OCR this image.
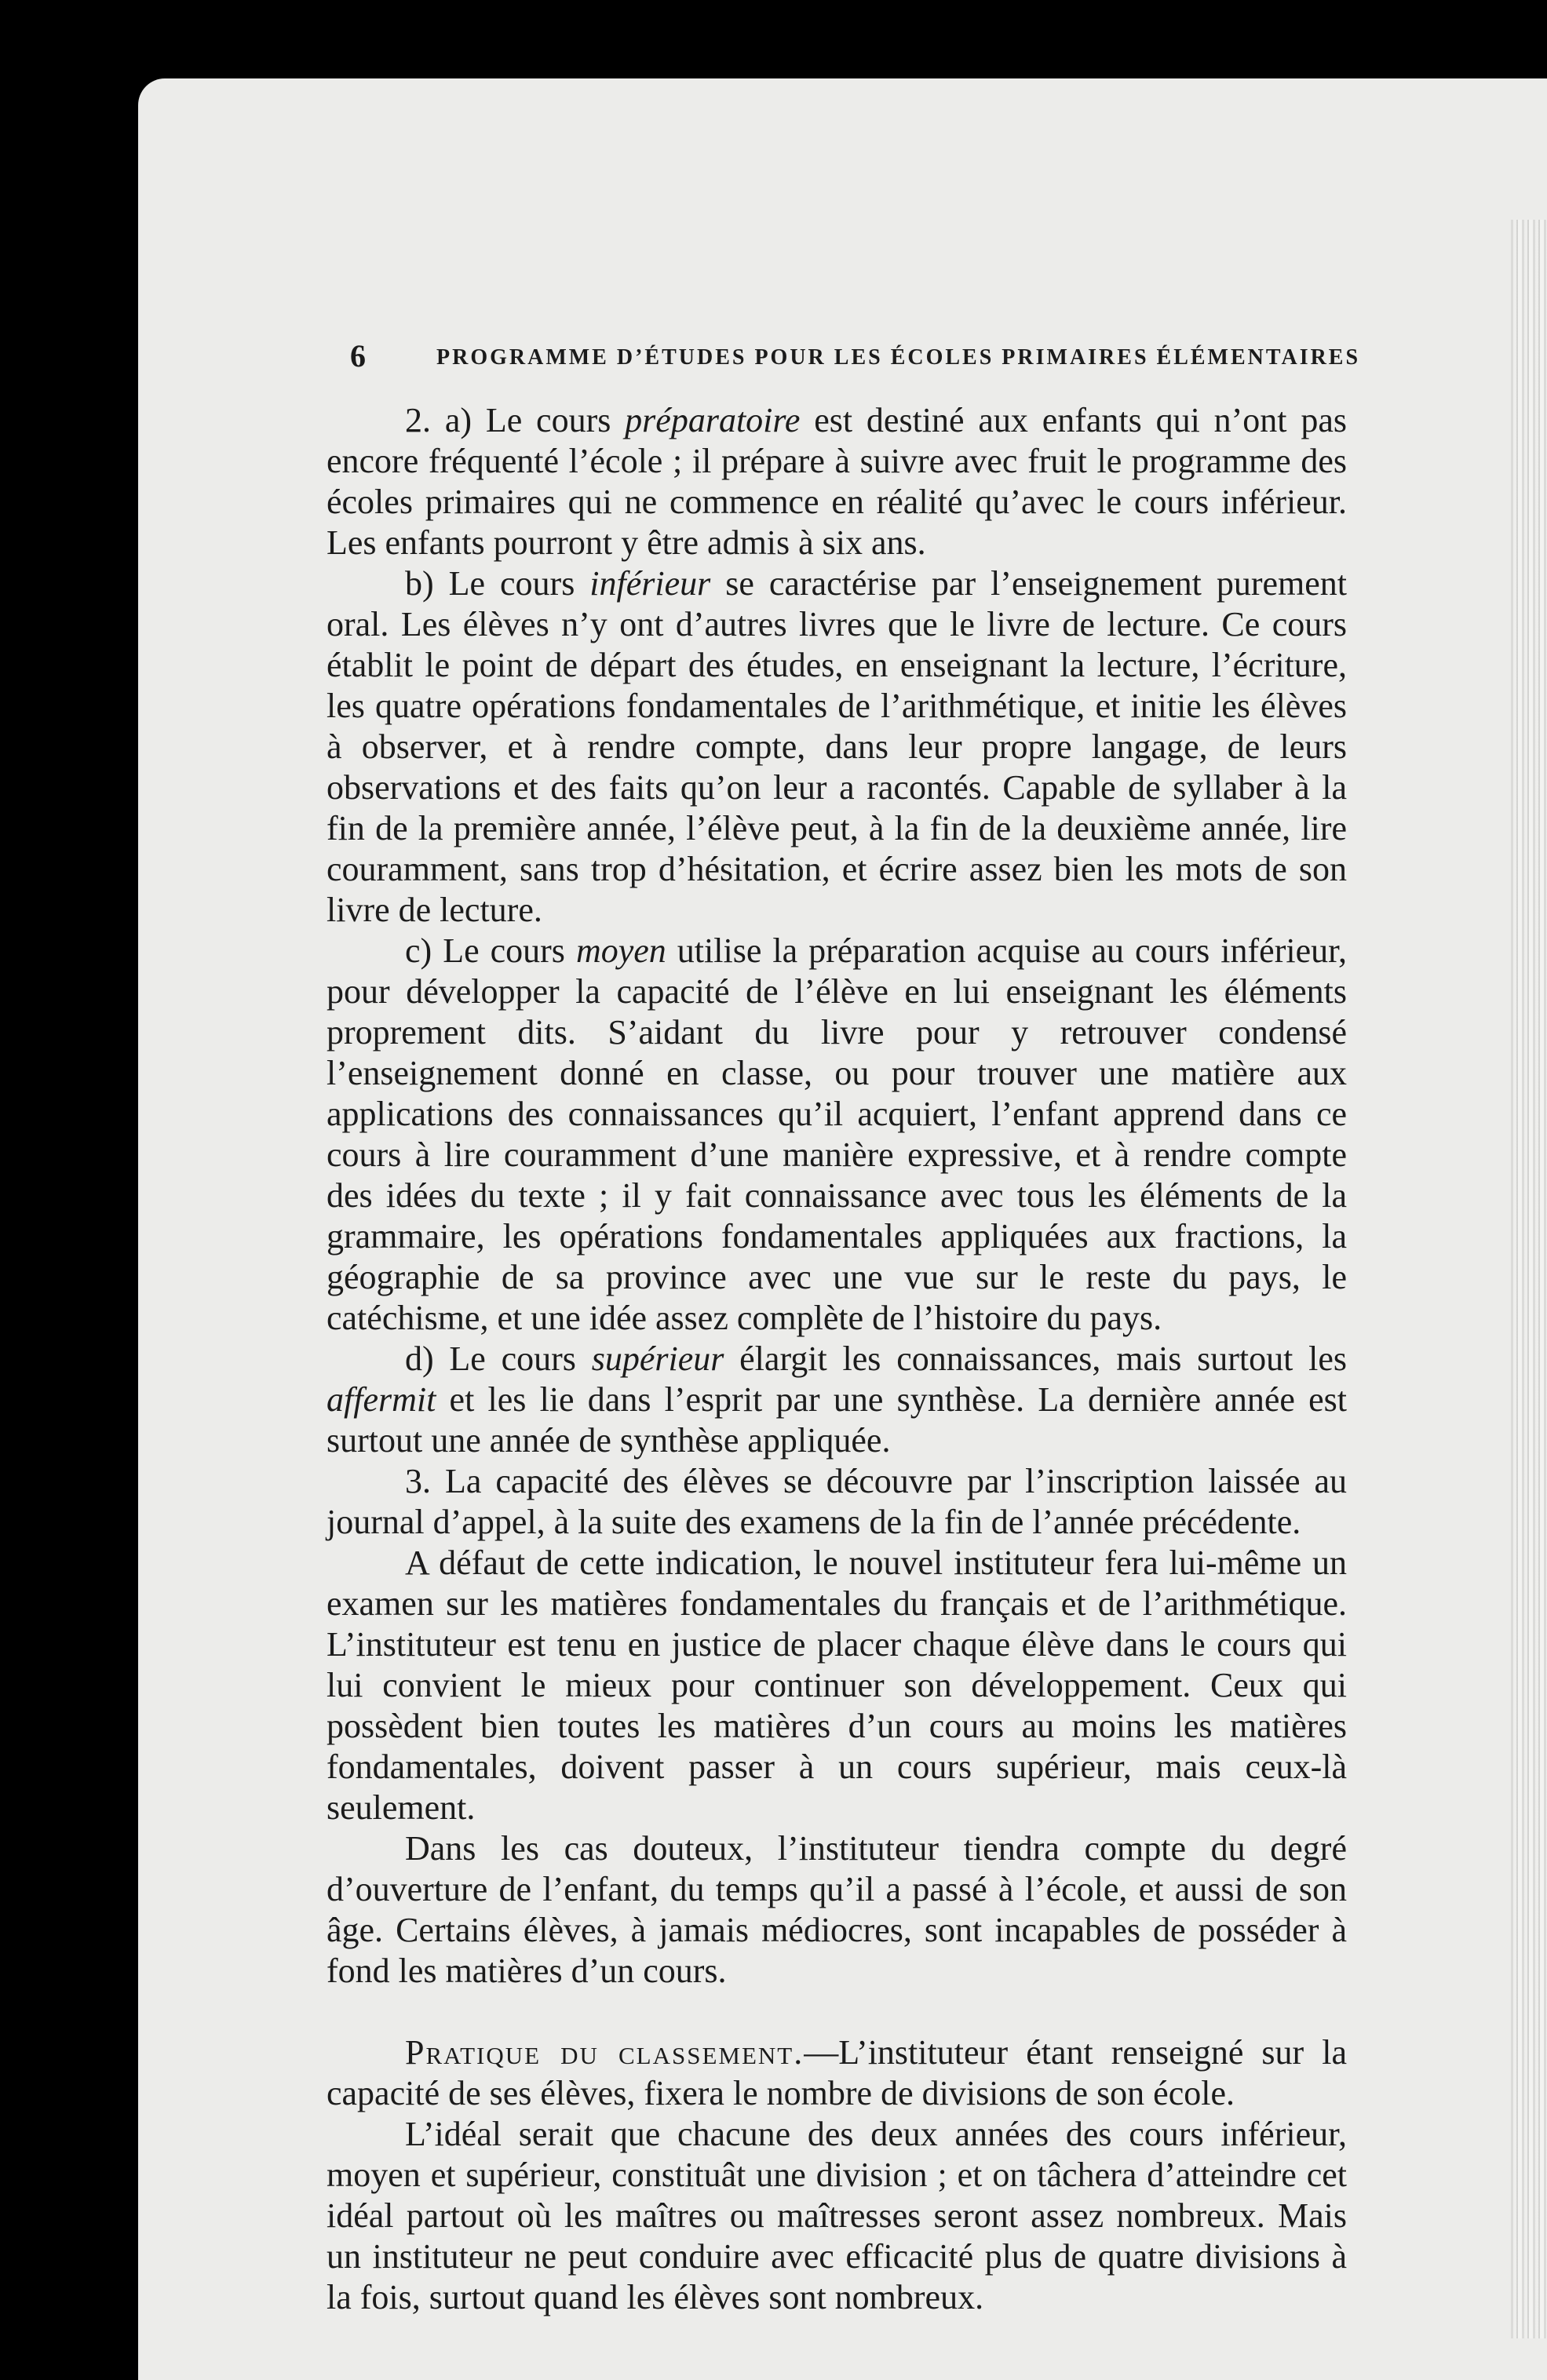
6	PROGRAMME D’ÉTUDES POUR LES ÉCOLES PRIMAIRES ÉLÉMENTAIRES

2. a) Le cours préparatoire est destiné aux enfants qui n’ont pas encore fréquenté l’école ; il prépare à suivre avec fruit le programme des écoles primaires qui ne commence en réalité qu’avec le cours inférieur. Les enfants pourront y être admis à six ans.

b) Le cours inférieur se caractérise par l’enseignement purement oral. Les élèves n’y ont d’autres livres que le livre de lecture. Ce cours établit le point de départ des études, en enseignant la lecture, l’écriture, les quatre opérations fondamentales de l’arithmétique, et initie les élèves à observer, et à rendre compte, dans leur propre langage, de leurs observations et des faits qu’on leur a racontés. Capable de syllaber à la fin de la première année, l’élève peut, à la fin de la deuxième année, lire couramment, sans trop d’hésitation, et écrire assez bien les mots de son livre de lecture.

c) Le cours moyen utilise la préparation acquise au cours inférieur, pour développer la capacité de l’élève en lui enseignant les éléments proprement dits. S’aidant du livre pour y retrouver condensé l’enseignement donné en classe, ou pour trouver une matière aux applications des connaissances qu’il acquiert, l’enfant apprend dans ce cours à lire couramment d’une manière expressive, et à rendre compte des idées du texte ; il y fait connaissance avec tous les éléments de la grammaire, les opérations fondamentales appliquées aux fractions, la géographie de sa province avec une vue sur le reste du pays, le catéchisme, et une idée assez complète de l’histoire du pays.

d) Le cours supérieur élargit les connaissances, mais surtout les affermit et les lie dans l’esprit par une synthèse. La dernière année est surtout une année de synthèse appliquée.

3. La capacité des élèves se découvre par l’inscription laissée au journal d’appel, à la suite des examens de la fin de l’année précédente.

A défaut de cette indication, le nouvel instituteur fera lui-même un examen sur les matières fondamentales du français et de l’arithmétique. L’instituteur est tenu en justice de placer chaque élève dans le cours qui lui convient le mieux pour continuer son développement. Ceux qui possèdent bien toutes les matières d’un cours au moins les matières fondamentales, doivent passer à un cours supérieur, mais ceux-là seulement.

Dans les cas douteux, l’instituteur tiendra compte du degré d’ouverture de l’enfant, du temps qu’il a passé à l’école, et aussi de son âge. Certains élèves, à jamais médiocres, sont incapables de posséder à fond les matières d’un cours.

Pratique du classement.—L’instituteur étant renseigné sur la capacité de ses élèves, fixera le nombre de divisions de son école.

L’idéal serait que chacune des deux années des cours inférieur, moyen et supérieur, constituât une division ; et on tâchera d’atteindre cet idéal partout où les maîtres ou maîtresses seront assez nombreux. Mais un instituteur ne peut conduire avec efficacité plus de quatre divisions à la fois, surtout quand les élèves sont nombreux.
